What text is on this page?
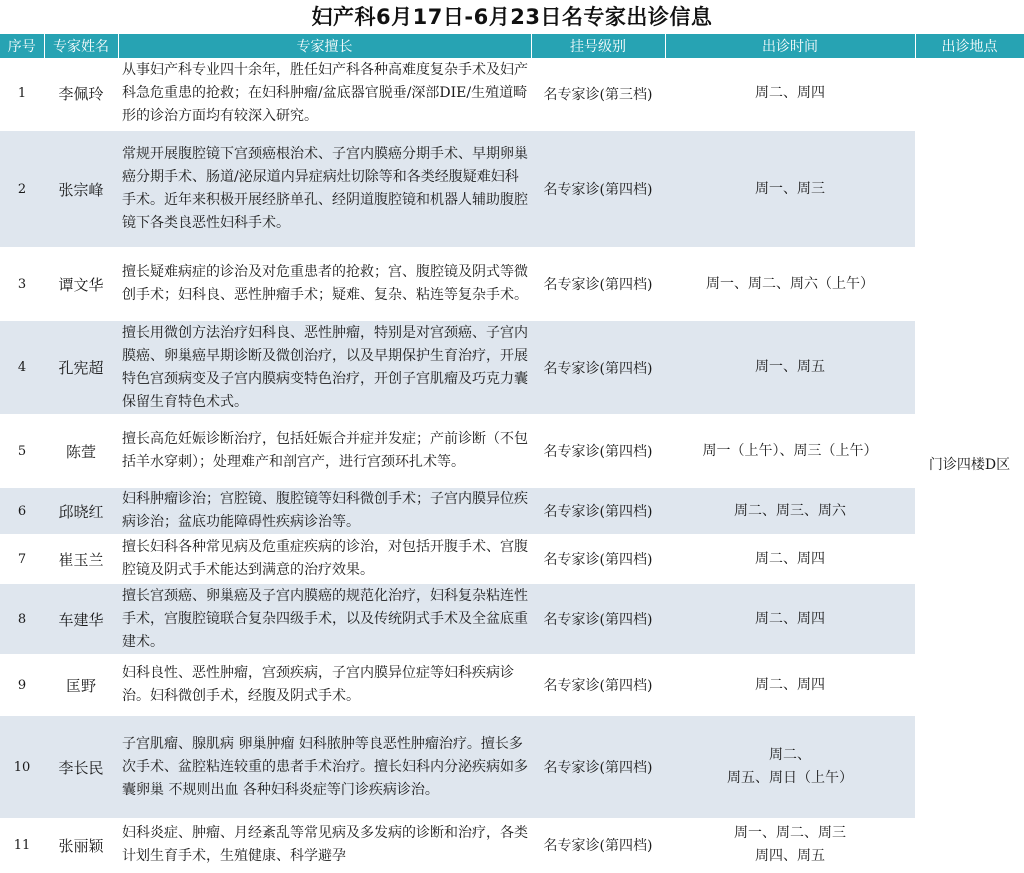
妇产科6月17日-6月23日名专家出诊信息
序号	专家姓名	专家擅长	挂号级别	出诊时间	出诊地点
1	李佩玲	从事妇产科专业四十余年，胜任妇产科各种高难度复杂手术及妇产科急危重患的抢救；在妇科肿瘤/盆底器官脱垂/深部DIE/生殖道畸形的诊治方面均有较深入研究。	名专家诊(第三档)	周二、周四	门诊四楼D区
2	张宗峰	常规开展腹腔镜下宫颈癌根治术、子宫内膜癌分期手术、早期卵巢癌分期手术、肠道/泌尿道内异症病灶切除等和各类经腹疑难妇科手术。近年来积极开展经脐单孔、经阴道腹腔镜和机器人辅助腹腔镜下各类良恶性妇科手术。	名专家诊(第四档)	周一、周三	
3	谭文华	擅长疑难病症的诊治及对危重患者的抢救；宫、腹腔镜及阴式等微创手术；妇科良、恶性肿瘤手术；疑难、复杂、粘连等复杂手术。	名专家诊(第四档)	周一、周二、周六（上午）	
4	孔宪超	擅长用微创方法治疗妇科良、恶性肿瘤，特别是对宫颈癌、子宫内膜癌、卵巢癌早期诊断及微创治疗，以及早期保护生育治疗，开展特色宫颈病变及子宫内膜病变特色治疗，开创子宫肌瘤及巧克力囊保留生育特色术式。	名专家诊(第四档)	周一、周五	
5	陈萱	擅长高危妊娠诊断治疗，包括妊娠合并症并发症；产前诊断（不包括羊水穿刺）；处理难产和剖宫产，进行宫颈环扎术等。	名专家诊(第四档)	周一（上午）、周三（上午）	
6	邱晓红	妇科肿瘤诊治；宫腔镜、腹腔镜等妇科微创手术；子宫内膜异位疾病诊治；盆底功能障碍性疾病诊治等。	名专家诊(第四档)	周二、周三、周六	
7	崔玉兰	擅长妇科各种常见病及危重症疾病的诊治，对包括开腹手术、宫腹腔镜及阴式手术能达到满意的治疗效果。	名专家诊(第四档)	周二、周四	
8	车建华	擅长宫颈癌、卵巢癌及子宫内膜癌的规范化治疗，妇科复杂粘连性手术，宫腹腔镜联合复杂四级手术，以及传统阴式手术及全盆底重建术。	名专家诊(第四档)	周二、周四	
9	匡野	妇科良性、恶性肿瘤，宫颈疾病，子宫内膜异位症等妇科疾病诊治。妇科微创手术，经腹及阴式手术。	名专家诊(第四档)	周二、周四	
10	李长民	子宫肌瘤、腺肌病 卵巢肿瘤 妇科脓肿等良恶性肿瘤治疗。擅长多次手术、盆腔粘连较重的患者手术治疗。擅长妇科内分泌疾病如多囊卵巢 不规则出血 各种妇科炎症等门诊疾病诊治。	名专家诊(第四档)	周二、
周五、周日（上午）	

11	张丽颖	妇科炎症、肿瘤、月经紊乱等常见病及多发病的诊断和治疗，各类计划生育手术，生殖健康、科学避孕	名专家诊(第四档)	周一、周二、周三
周四、周五	
